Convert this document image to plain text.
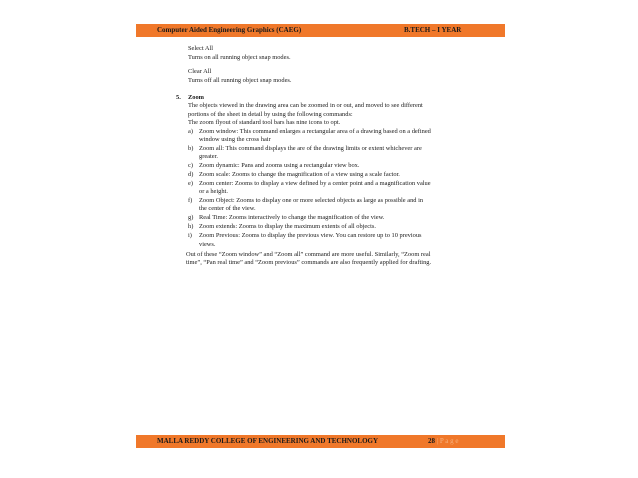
Computer Aided Engineering Graphics (CAEG)	B.TECH – I YEAR
Select All
Turns on all running object snap modes.
Clear All
Turns off all running object snap modes.
5. Zoom
The objects viewed in the drawing area can be zoomed in or out, and moved to see different
portions of the sheet in detail by using the following commands:
The zoom flyout of standard tool bars has nine icons to opt.
a) Zoom window: This command enlarges a rectangular area of a drawing based on a defined
window using the cross hair
b) Zoom all: This command displays the are of the drawing limits or extent whichever are
greater.
c) Zoom dynamic: Pans and zooms using a rectangular view box.
d) Zoom scale: Zooms to change the magnification of a view using a scale factor.
e) Zoom center: Zooms to display a view defined by a center point and a magnification value
or a height.
f) Zoom Object: Zooms to display one or more selected objects as large as possible and in
the center of the view.
g) Real Time: Zooms interactively to change the magnification of the view.
h) Zoom extends: Zooms to display the maximum extents of all objects.
i) Zoom Previous: Zooms to display the previous view. You can restore up to 10 previous
views.
Out of these “Zoom window” and “Zoom all” command are more useful. Similarly, “Zoom real
time”, “Pan real time” and “Zoom previous” commands are also frequently applied for drafting.
MALLA REDDY COLLEGE OF ENGINEERING AND TECHNOLOGY	28 | P a g e
